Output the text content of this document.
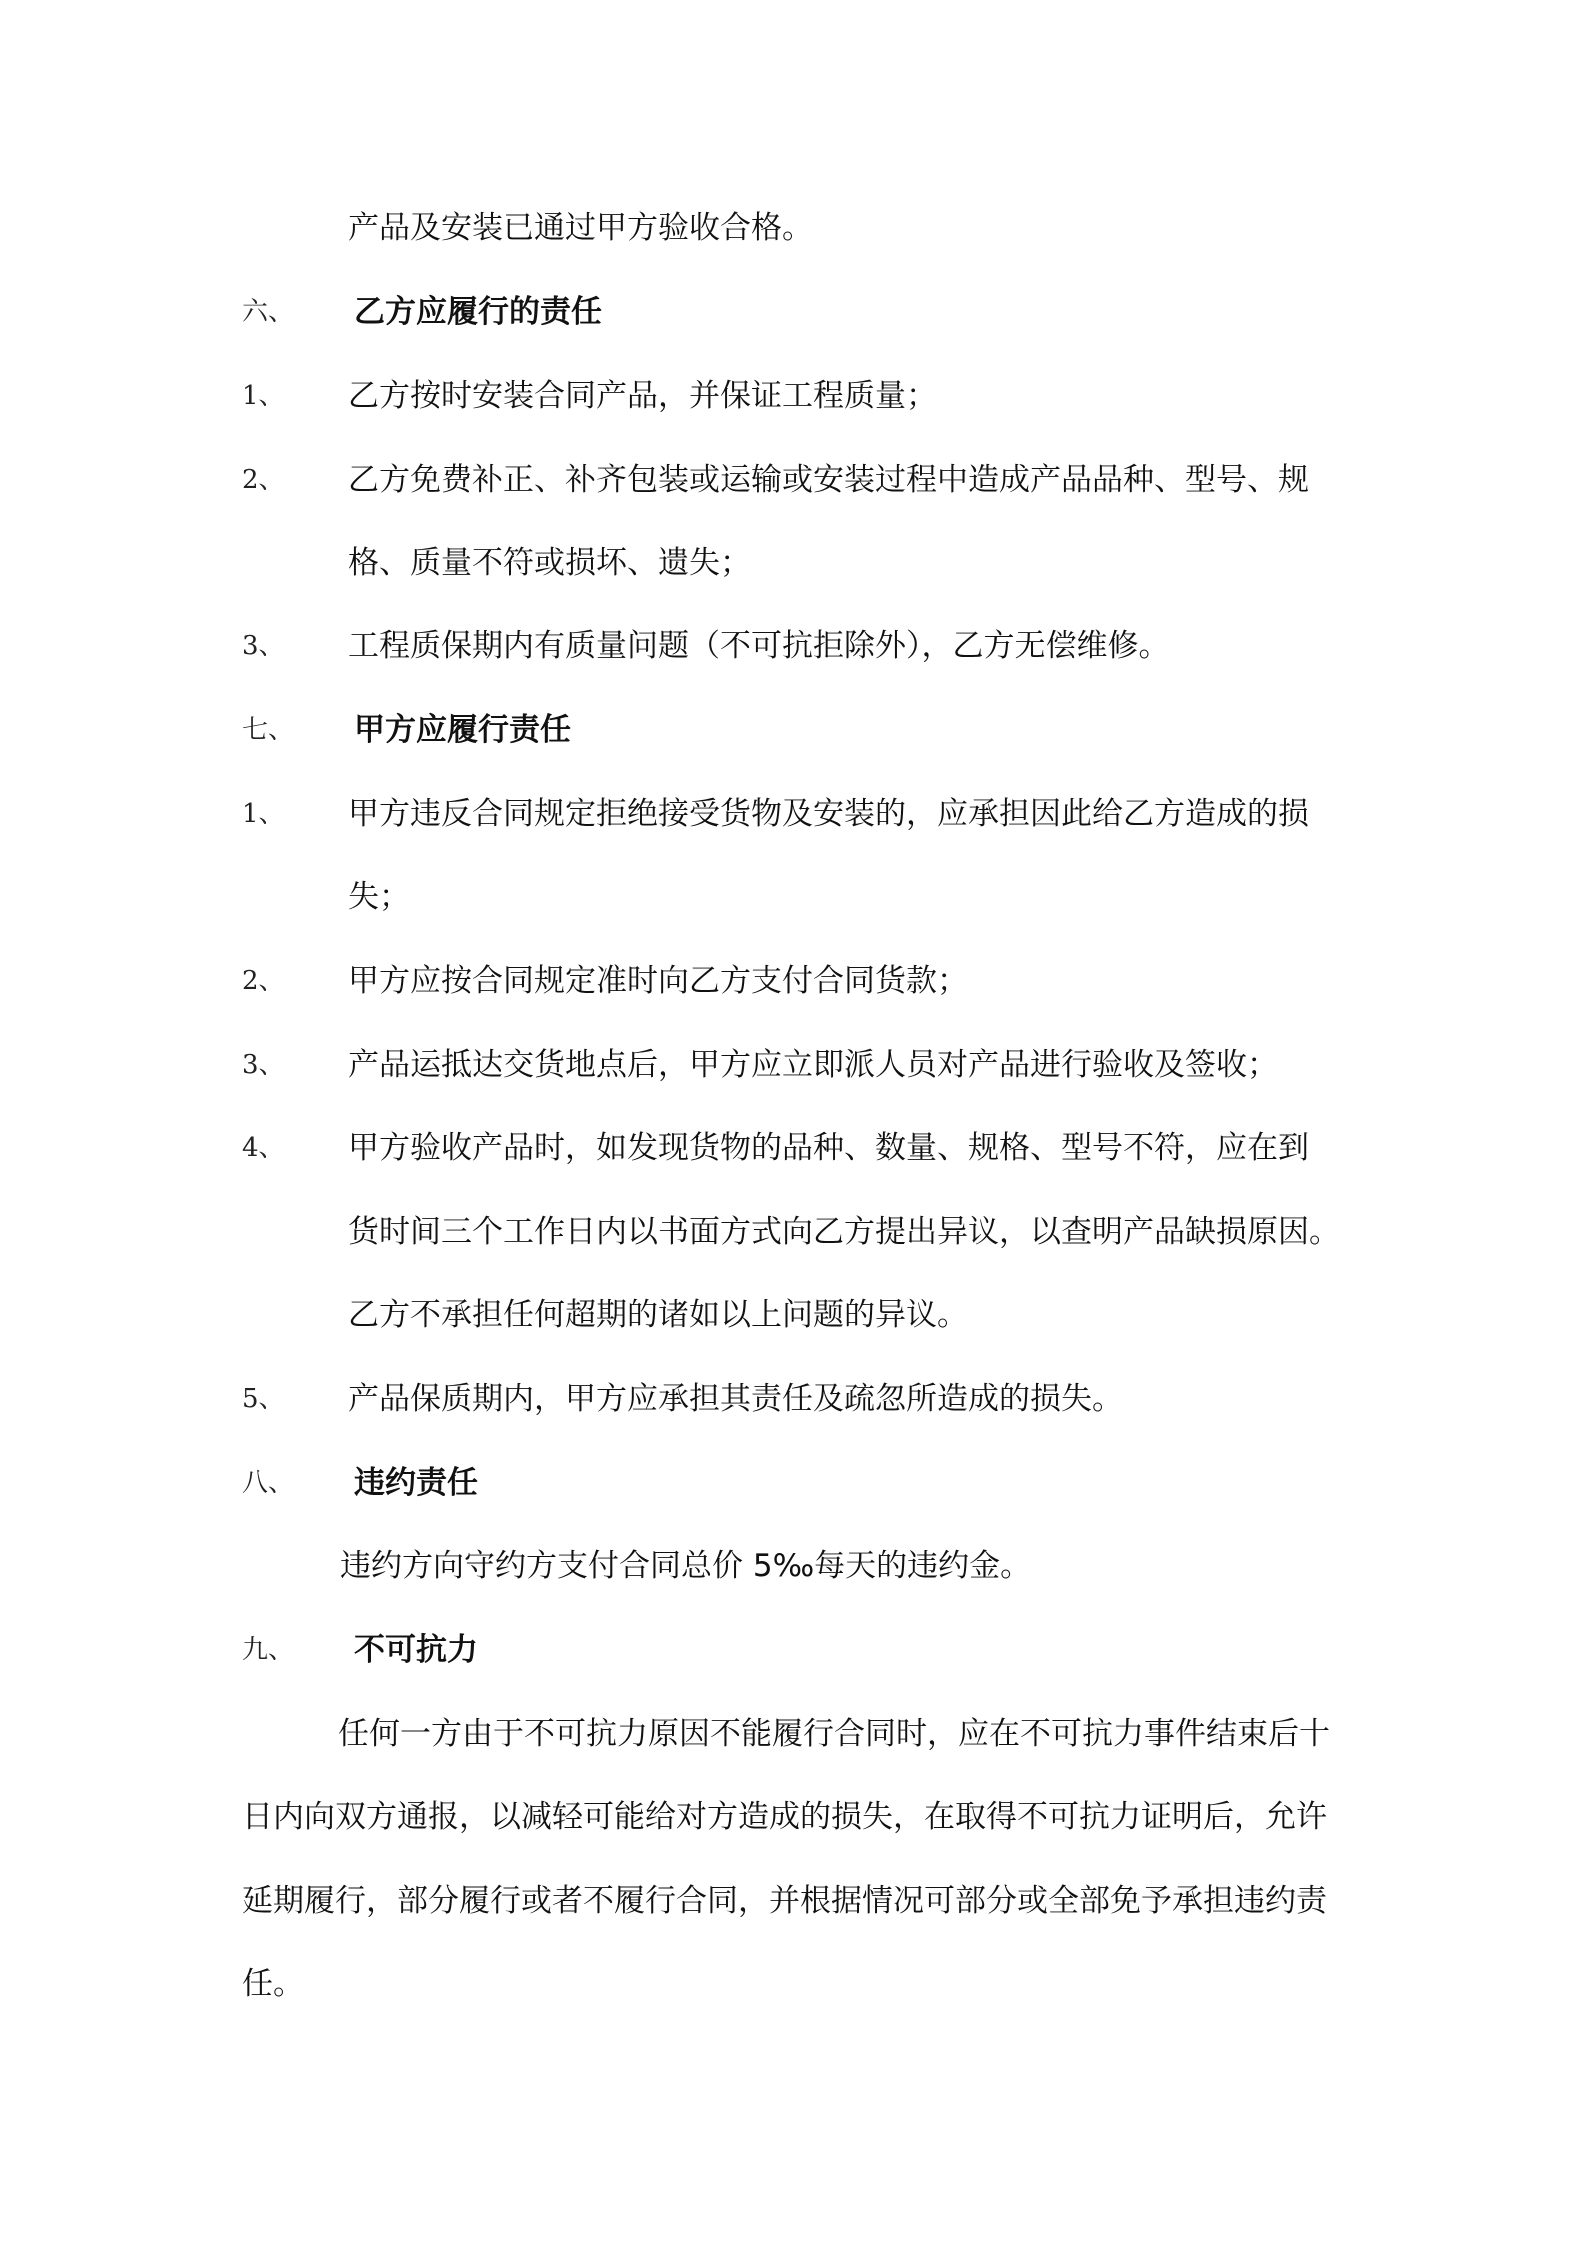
产品及安装已通过甲方验收合格。
六、 乙方应履行的责任
1、 乙方按时安装合同产品，并保证工程质量；
2、 乙方免费补正、补齐包装或运输或安装过程中造成产品品种、型号、规
格、质量不符或损坏、遗失；
3、 工程质保期内有质量问题（不可抗拒除外），乙方无偿维修。
七、 甲方应履行责任
1、 甲方违反合同规定拒绝接受货物及安装的，应承担因此给乙方造成的损
失；
2、 甲方应按合同规定准时向乙方支付合同货款；
3、 产品运抵达交货地点后，甲方应立即派人员对产品进行验收及签收；
4、 甲方验收产品时，如发现货物的品种、数量、规格、型号不符，应在到
货时间三个工作日内以书面方式向乙方提出异议，以查明产品缺损原因。
乙方不承担任何超期的诸如以上问题的异议。
5、 产品保质期内，甲方应承担其责任及疏忽所造成的损失。
八、 违约责任
违约方向守约方支付合同总价 5‰每天的违约金。
九、 不可抗力
任何一方由于不可抗力原因不能履行合同时，应在不可抗力事件结束后十
日内向双方通报，以减轻可能给对方造成的损失，在取得不可抗力证明后，允许
延期履行，部分履行或者不履行合同，并根据情况可部分或全部免予承担违约责
任。
